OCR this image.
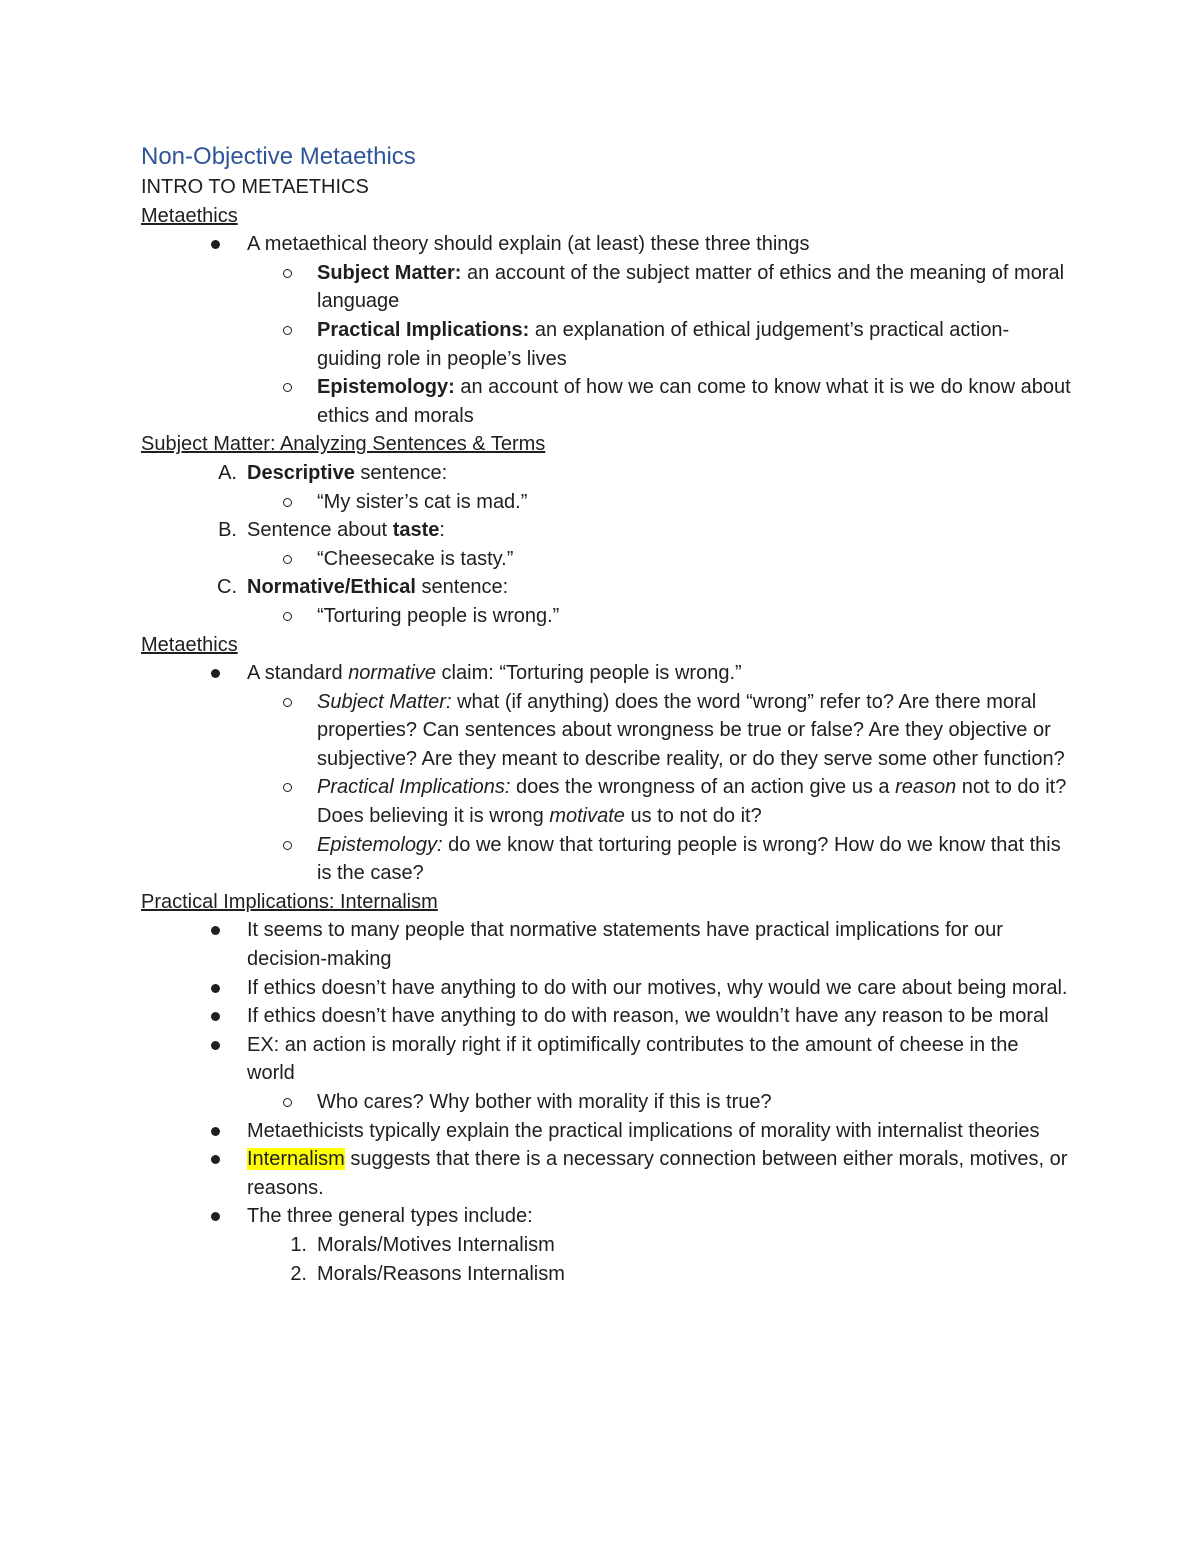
Non-Objective Metaethics
INTRO TO METAETHICS
Metaethics
A metaethical theory should explain (at least) these three things
Subject Matter: an account of the subject matter of ethics and the meaning of moral language
Practical Implications: an explanation of ethical judgement’s practical action-guiding role in people’s lives
Epistemology: an account of how we can come to know what it is we do know about ethics and morals
Subject Matter: Analyzing Sentences & Terms
A. Descriptive sentence:
“My sister’s cat is mad.”
B. Sentence about taste:
“Cheesecake is tasty.”
C. Normative/Ethical sentence:
“Torturing people is wrong.”
Metaethics
A standard normative claim: “Torturing people is wrong.”
Subject Matter: what (if anything) does the word “wrong” refer to? Are there moral properties? Can sentences about wrongness be true or false? Are they objective or subjective? Are they meant to describe reality, or do they serve some other function?
Practical Implications: does the wrongness of an action give us a reason not to do it? Does believing it is wrong motivate us to not do it?
Epistemology: do we know that torturing people is wrong? How do we know that this is the case?
Practical Implications: Internalism
It seems to many people that normative statements have practical implications for our decision-making
If ethics doesn’t have anything to do with our motives, why would we care about being moral.
If ethics doesn’t have anything to do with reason, we wouldn’t have any reason to be moral
EX: an action is morally right if it optimifically contributes to the amount of cheese in the world
Who cares? Why bother with morality if this is true?
Metaethicists typically explain the practical implications of morality with internalist theories
Internalism suggests that there is a necessary connection between either morals, motives, or reasons.
The three general types include:
1. Morals/Motives Internalism
2. Morals/Reasons Internalism
